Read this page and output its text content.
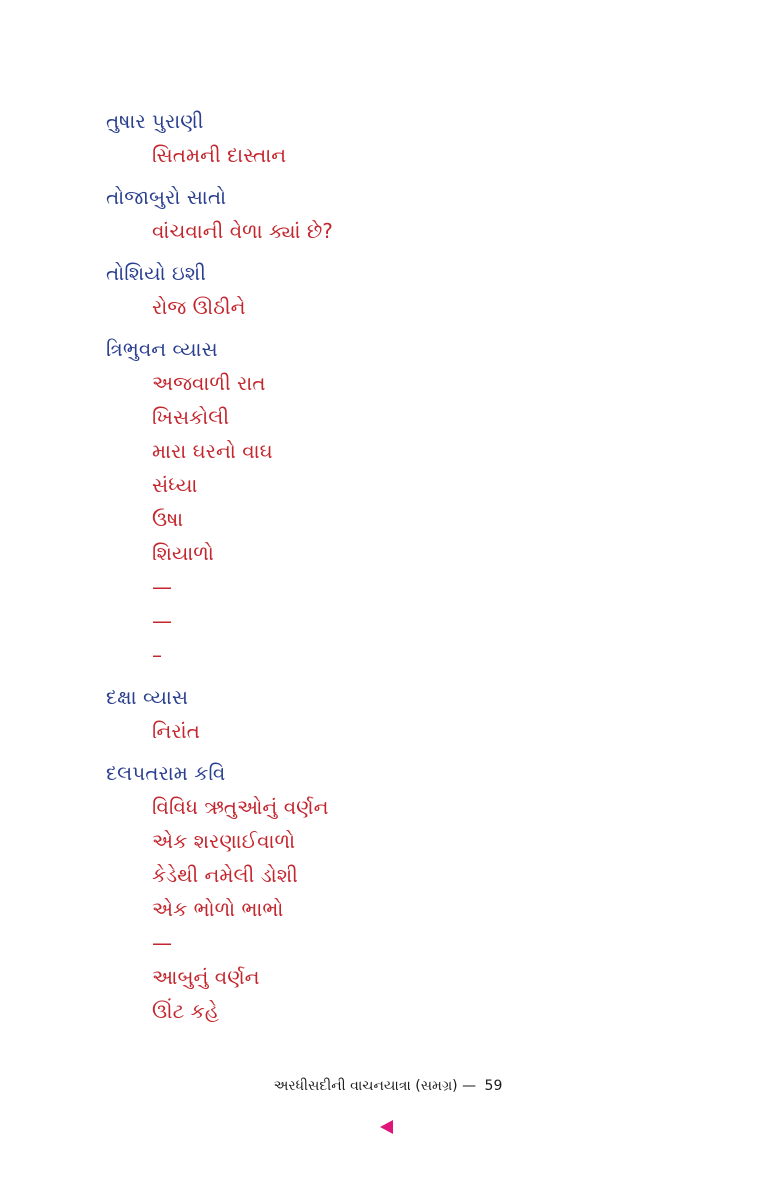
તુષાર પુરાણી
સિતમની દાસ્તાન
તોજાબુરો સાતો
વાંચવાની વેળા ક્યાં છે?
તોશિયો ઇશી
રોજ ઊઠીને
ત્રિભુવન વ્યાસ
અજવાળી રાત
ખિસકોલી
મારા ઘરનો વાઘ
સંધ્યા
ઉષા
શિયાળો
—
—
–
દક્ષા વ્યાસ
નિરાંત
દલપતરામ કવિ
વિવિધ ઋતુઓનું વર્ણન
એક શરણાઈવાળો
કેડેથી નમેલી ડોશી
એક ભોળો ભાભો
—
આબુનું વર્ણન
ઊંટ કહે
અરધીસદીની વાચનયાત્રા (સમગ્ર) — 59
